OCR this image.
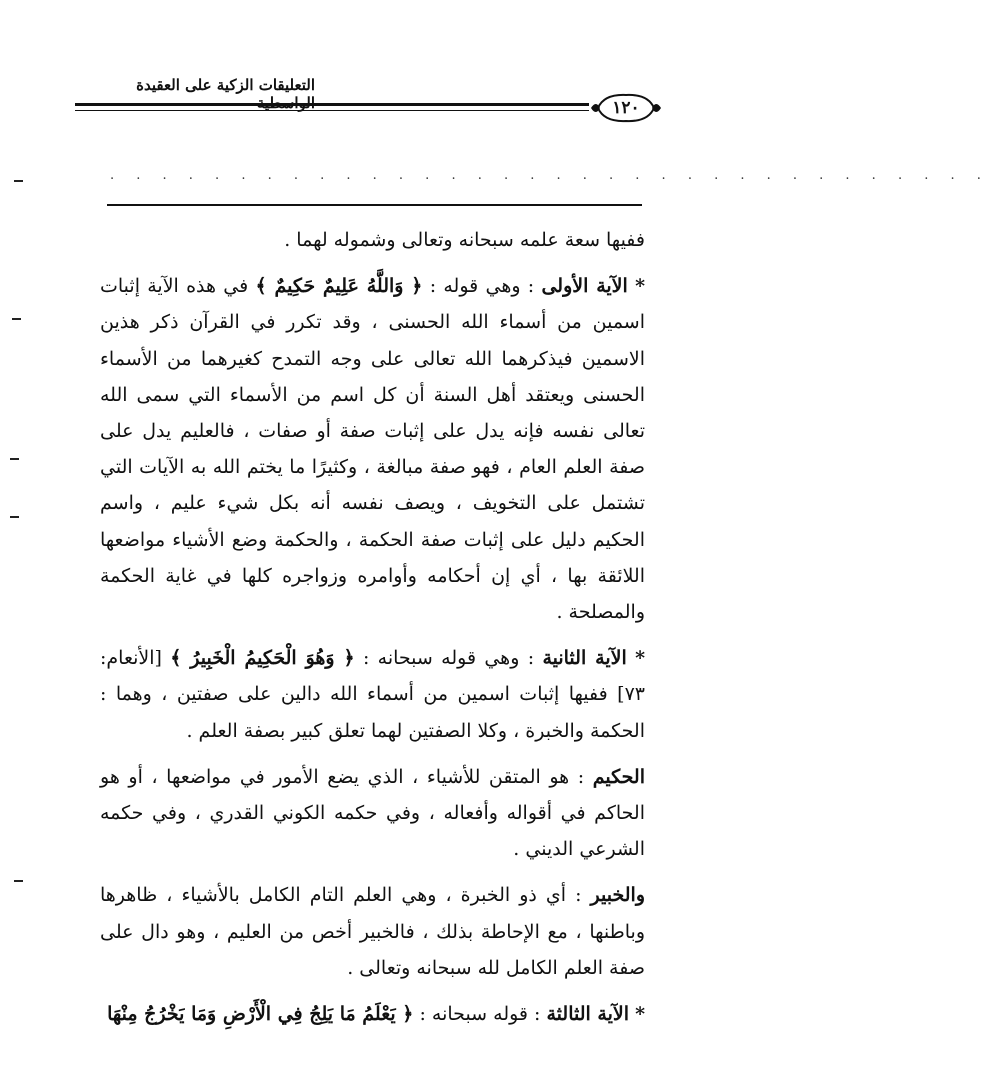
التعليقات الزكية على العقيدة
١٢٠
. . . . . . . . . . . . . . . . . . . . . . . . . . . . . . . . . .

ففيها سعة علمه سبحانه وتعالى وشموله لهما .

* الآية الأولى : وهي قوله : ﴿ وَاللَّهُ عَلِيمٌ حَكِيمٌ ﴾ في هذه الآية إثبات اسمين من أسماء الله الحسنى ، وقد تكرر في القرآن ذكر هذين الاسمين فيذكرهما الله تعالى على وجه التمدح كغيرهما من الأسماء الحسنى ويعتقد أهل السنة أن كل اسم من الأسماء التي سمى الله تعالى نفسه فإنه يدل على إثبات صفة أو صفات ، فالعليم يدل على صفة العلم العام ، فهو صفة مبالغة ، وكثيرًا ما يختم الله به الآيات التي تشتمل على التخويف ، ويصف نفسه أنه بكل شيء عليم ، واسم الحكيم دليل على إثبات صفة الحكمة ، والحكمة وضع الأشياء مواضعها اللائقة بها ، أي إن أحكامه وأوامره وزواجره كلها في غاية الحكمة والمصلحة .

* الآية الثانية : وهي قوله سبحانه : ﴿ وَهُوَ الْحَكِيمُ الْخَبِيرُ ﴾ [الأنعام: ٧٣] ففيها إثبات اسمين من أسماء الله دالين على صفتين ، وهما : الحكمة والخبرة ، وكلا الصفتين لهما تعلق كبير بصفة العلم .

الحكيم : هو المتقن للأشياء ، الذي يضع الأمور في مواضعها ، أو هو الحاكم في أقواله وأفعاله ، وفي حكمه الكوني القدري ، وفي حكمه الشرعي الديني .

والخبير : أي ذو الخبرة ، وهي العلم التام الكامل بالأشياء ، ظاهرها وباطنها ، مع الإحاطة بذلك ، فالخبير أخص من العليم ، وهو دال على صفة العلم الكامل لله سبحانه وتعالى .

* الآية الثالثة : قوله سبحانه : ﴿ يَعْلَمُ مَا يَلِجُ فِي الْأَرْضِ وَمَا يَخْرُجُ مِنْهَا
